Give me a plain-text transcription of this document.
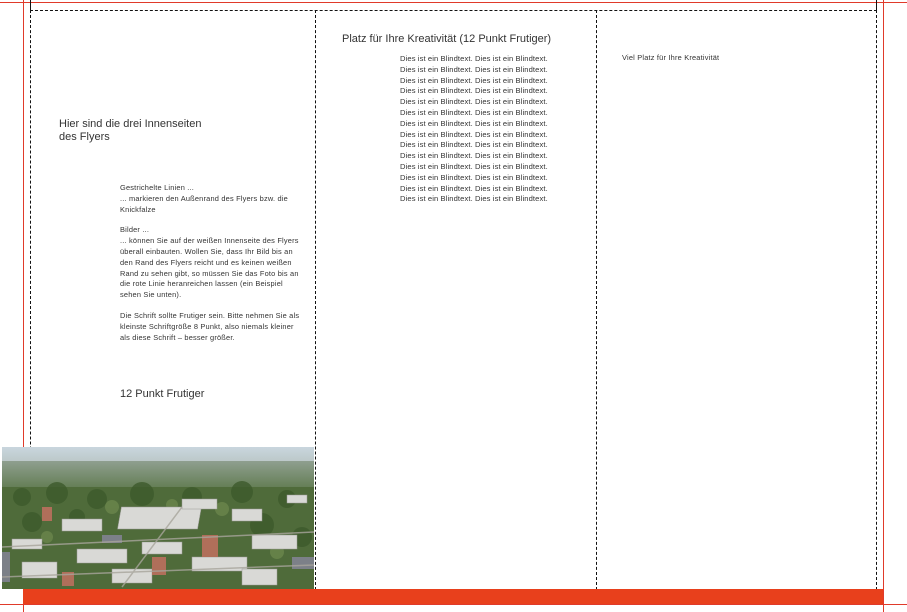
Hier sind die drei Innenseiten des Flyers
Gestrichelte Linien ...
... markieren den Außenrand des Flyers bzw. die Knickfalze
Bilder ...
... können Sie auf der weißen Innenseite des Flyers überall einbauten. Wollen Sie, dass Ihr Bild bis an den Rand des Flyers reicht und es keinen weißen Rand zu sehen gibt, so müssen Sie das Foto bis an die rote Linie heranreichen lassen (ein Beispiel sehen Sie unten).
Die Schrift sollte Frutiger sein. Bitte nehmen Sie als kleinste Schriftgröße 8 Punkt, also niemals kleiner als diese Schrift – besser größer.
12 Punkt Frutiger
Platz für Ihre Kreativität (12 Punkt Frutiger)
Dies ist ein Blindtext. Dies ist ein Blindtext.
Dies ist ein Blindtext. Dies ist ein Blindtext.
Dies ist ein Blindtext. Dies ist ein Blindtext.
Dies ist ein Blindtext. Dies ist ein Blindtext.
Dies ist ein Blindtext. Dies ist ein Blindtext.
Dies ist ein Blindtext. Dies ist ein Blindtext.
Dies ist ein Blindtext. Dies ist ein Blindtext.
Dies ist ein Blindtext. Dies ist ein Blindtext.
Dies ist ein Blindtext. Dies ist ein Blindtext.
Dies ist ein Blindtext. Dies ist ein Blindtext.
Dies ist ein Blindtext. Dies ist ein Blindtext.
Dies ist ein Blindtext. Dies ist ein Blindtext.
Dies ist ein Blindtext. Dies ist ein Blindtext.
Dies ist ein Blindtext. Dies ist ein Blindtext.
Viel Platz für Ihre Kreativität
